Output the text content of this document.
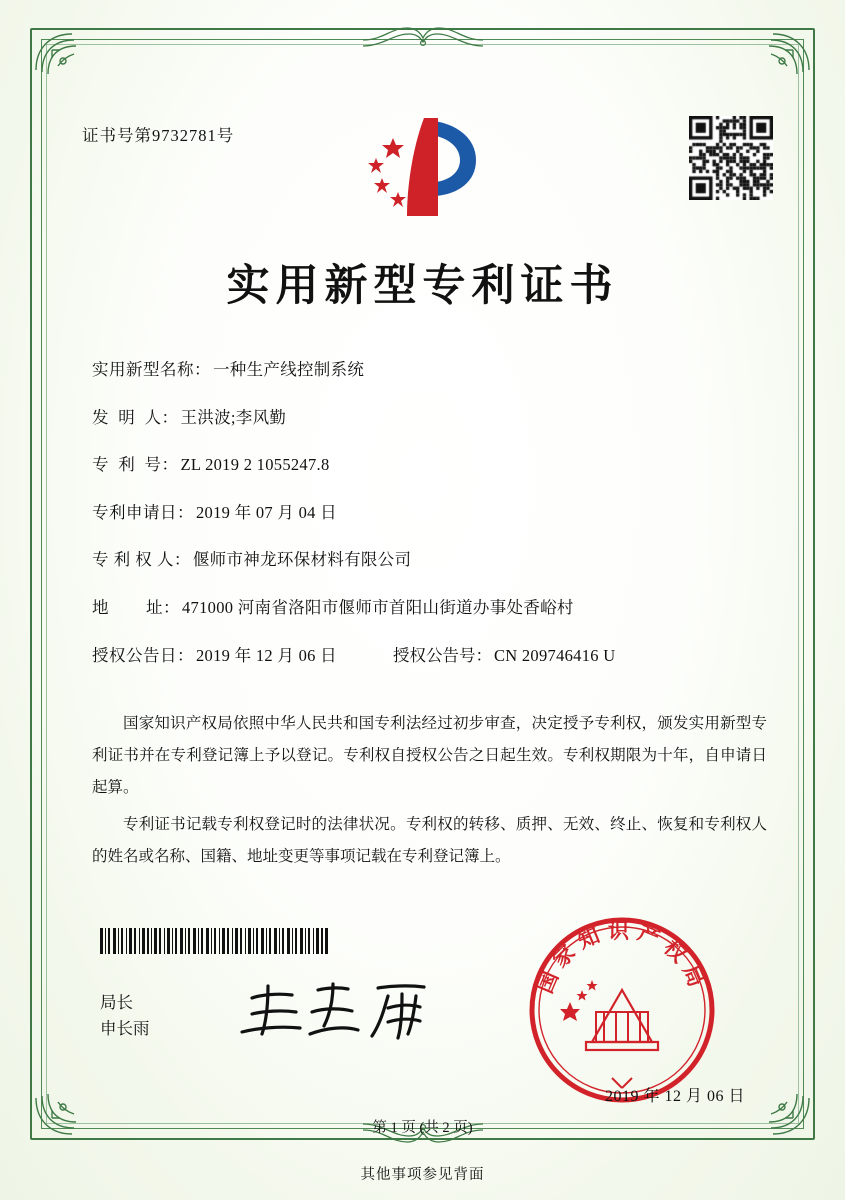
证书号第9732781号
实用新型专利证书
实用新型名称： 一种生产线控制系统
发  明  人： 王洪波;李风勤
专  利  号： ZL 2019 2 1055247.8
专利申请日： 2019 年 07 月 04 日
专 利 权 人： 偃师市神龙环保材料有限公司
地        址： 471000 河南省洛阳市偃师市首阳山街道办事处香峪村
授权公告日： 2019 年 12 月 06 日	授权公告号： CN 209746416 U

国家知识产权局依照中华人民共和国专利法经过初步审查，决定授予专利权，颁发实用新型专利证书并在专利登记簿上予以登记。专利权自授权公告之日起生效。专利权期限为十年，自申请日起算。

专利证书记载专利权登记时的法律状况。专利权的转移、质押、无效、终止、恢复和专利权人的姓名或名称、国籍、地址变更等事项记载在专利登记簿上。

局长
申长雨
国家知识产权局
2019 年 12 月 06 日
第 1 页 (共 2 页)
其他事项参见背面
